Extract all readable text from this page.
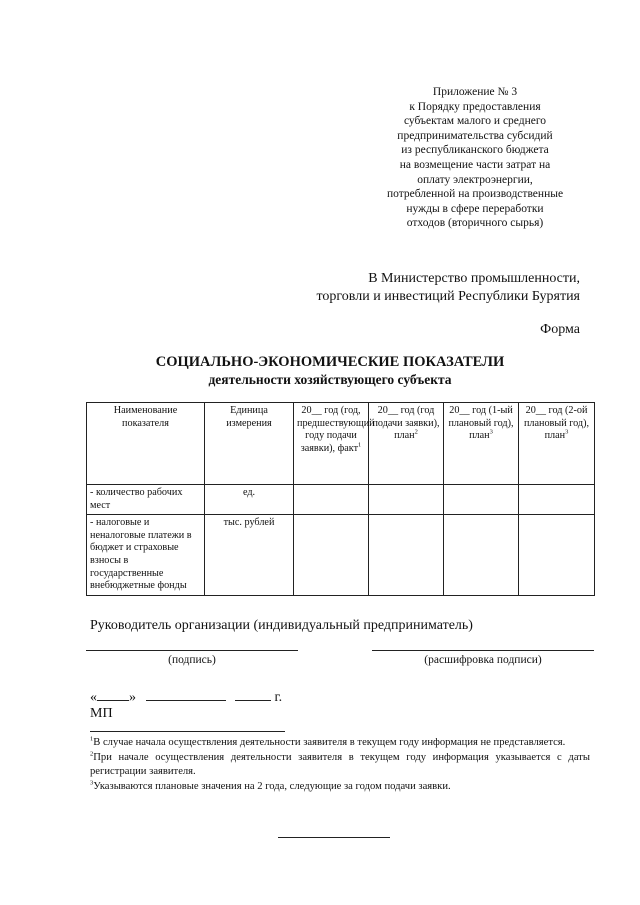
Приложение № 3
к Порядку предоставления
субъектам малого и среднего
предпринимательства субсидий
из республиканского бюджета
на возмещение части затрат на
оплату электроэнергии,
потребленной на производственные
нужды в сфере переработки
отходов (вторичного сырья)
В Министерство промышленности,
торговли и инвестиций Республики Бурятия
Форма
СОЦИАЛЬНО-ЭКОНОМИЧЕСКИЕ ПОКАЗАТЕЛИ
деятельности хозяйствующего субъекта
Наименование показателя	Единица измерения	20__ год (год, предшествующий году подачи заявки), факт$^1$	20__ год (год подачи заявки), план$^2$	20__ год (1-ый плановый год), план$^3$	20__ год (2-ой плановый год), план$^3$
- количество рабочих мест	ед.				
- налоговые и неналоговые платежи в бюджет и страховые взносы в государственные внебюджетные фонды	тыс. рублей				
Руководитель организации (индивидуальный предприниматель)
(подпись)	(расшифровка подписи)
« »	г.
МП

$^1$В случае начала осуществления деятельности заявителя в текущем году информация не представляется.

$^2$При начале осуществления деятельности заявителя в текущем году информация указывается с даты регистрации заявителя.

$^3$Указываются плановые значения на 2 года, следующие за годом подачи заявки.
